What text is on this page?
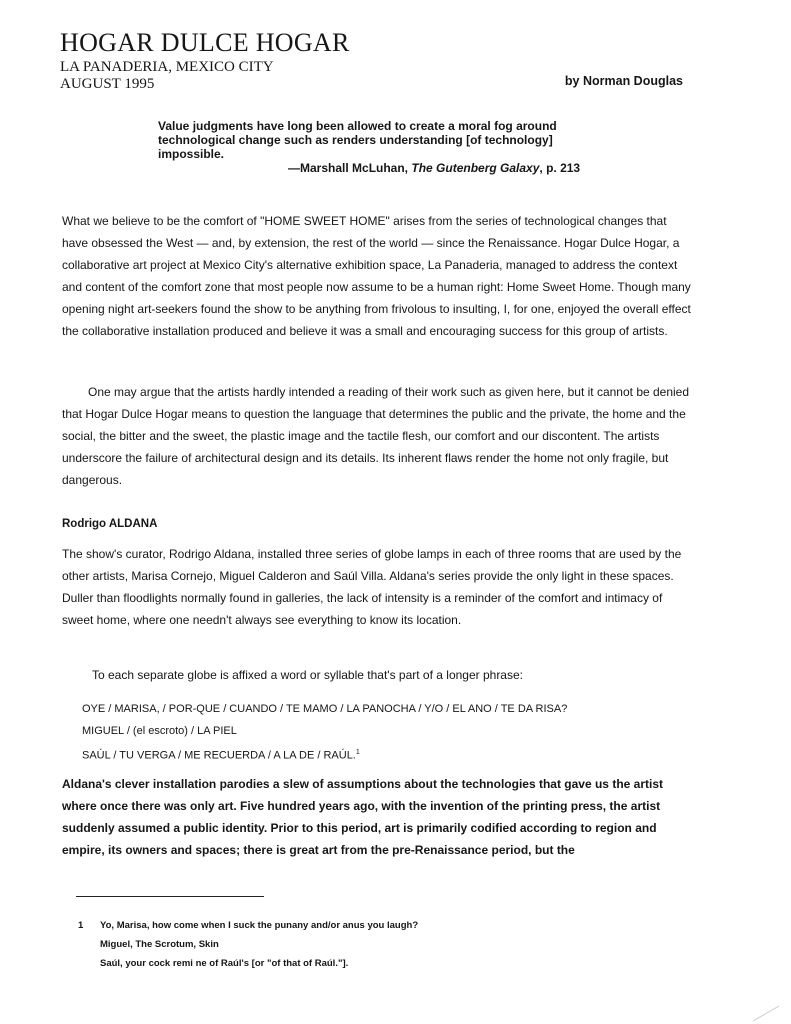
HOGAR DULCE HOGAR
LA PANADERIA, MEXICO CITY
AUGUST 1995	by Norman Douglas
Value judgments have long been allowed to create a moral fog around technological change such as renders understanding [of technology] impossible.
—Marshall McLuhan, The Gutenberg Galaxy, p. 213
What we believe to be the comfort of "HOME SWEET HOME" arises from the series of technological changes that have obsessed the West — and, by extension, the rest of the world — since the Renaissance. Hogar Dulce Hogar, a collaborative art project at Mexico City's alternative exhibition space, La Panaderia, managed to address the context and content of the comfort zone that most people now assume to be a human right: Home Sweet Home. Though many opening night art-seekers found the show to be anything from frivolous to insulting, I, for one, enjoyed the overall effect the collaborative installation produced and believe it was a small and encouraging success for this group of artists.
One may argue that the artists hardly intended a reading of their work such as given here, but it cannot be denied that Hogar Dulce Hogar means to question the language that determines the public and the private, the home and the social, the bitter and the sweet, the plastic image and the tactile flesh, our comfort and our discontent. The artists underscore the failure of architectural design and its details. Its inherent flaws render the home not only fragile, but dangerous.
Rodrigo ALDANA
The show's curator, Rodrigo Aldana, installed three series of globe lamps in each of three rooms that are used by the other artists, Marisa Cornejo, Miguel Calderon and Saúl Villa. Aldana's series provide the only light in these spaces. Duller than floodlights normally found in galleries, the lack of intensity is a reminder of the comfort and intimacy of sweet home, where one needn't always see everything to know its location.
To each separate globe is affixed a word or syllable that's part of a longer phrase:
OYE / MARISA, / POR-QUE / CUANDO / TE MAMO / LA PANOCHA / Y/O / EL ANO / TE DA RISA?
MIGUEL / (el escroto) / LA PIEL
SAÚL / TU VERGA / ME RECUERDA / A LA DE / RAÚL.$^1$
Aldana's clever installation parodies a slew of assumptions about the technologies that gave us the artist where once there was only art. Five hundred years ago, with the invention of the printing press, the artist suddenly assumed a public identity. Prior to this period, art is primarily codified according to region and empire, its owners and spaces; there is great art from the pre-Renaissance period, but the
1 Yo, Marisa, how come when I suck the punany and/or anus you laugh?
Miguel, The Scrotum, Skin
Saúl, your cock remi ne of Raúl's [or "of that of Raúl."].
